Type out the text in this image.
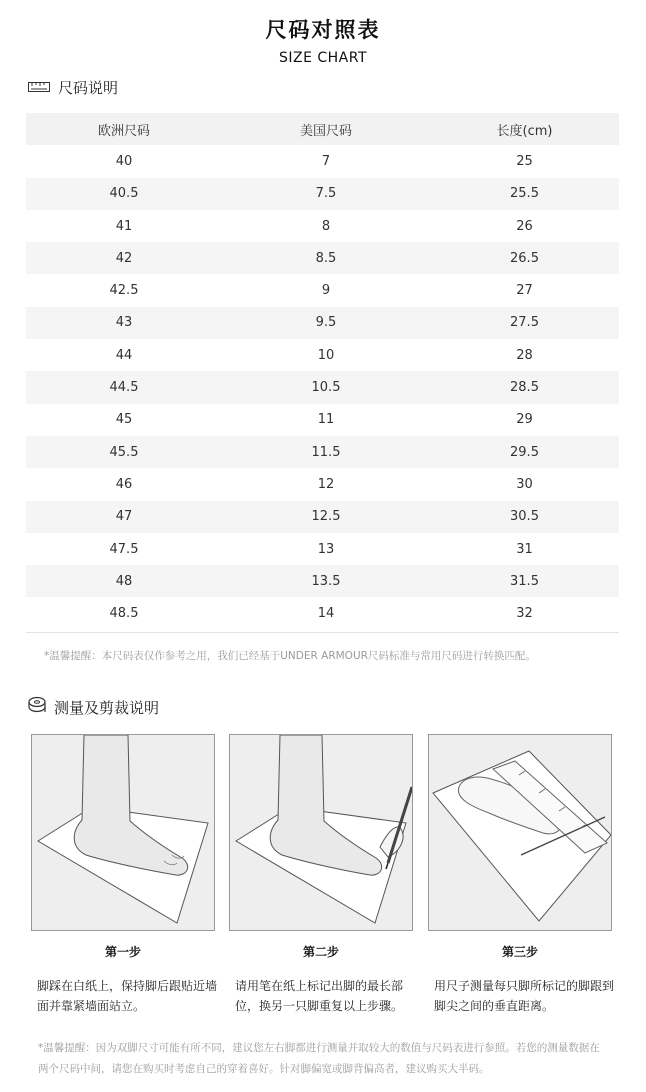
尺码对照表
SIZE CHART
尺码说明
欧洲尺码	美国尺码	长度(cm)
40	7	25
40.5	7.5	25.5
41	8	26
42	8.5	26.5
42.5	9	27
43	9.5	27.5
44	10	28
44.5	10.5	28.5
45	11	29
45.5	11.5	29.5
46	12	30
47	12.5	30.5
47.5	13	31
48	13.5	31.5
48.5	14	32
*温馨提醒：本尺码表仅作参考之用，我们已经基于UNDER ARMOUR尺码标准与常用尺码进行转换匹配。
测量及剪裁说明
第一步	第二步	第三步
脚踩在白纸上，保持脚后跟贴近墙面并靠紧墙面站立。
请用笔在纸上标记出脚的最长部位，换另一只脚重复以上步骤。
用尺子测量每只脚所标记的脚跟到脚尖之间的垂直距离。
*温馨提醒：因为双脚尺寸可能有所不同，建议您左右脚都进行测量并取较大的数值与尺码表进行参照。若您的测量数据在两个尺码中间，请您在购买时考虑自己的穿着喜好。针对脚偏宽或脚背偏高者，建议购买大半码。
